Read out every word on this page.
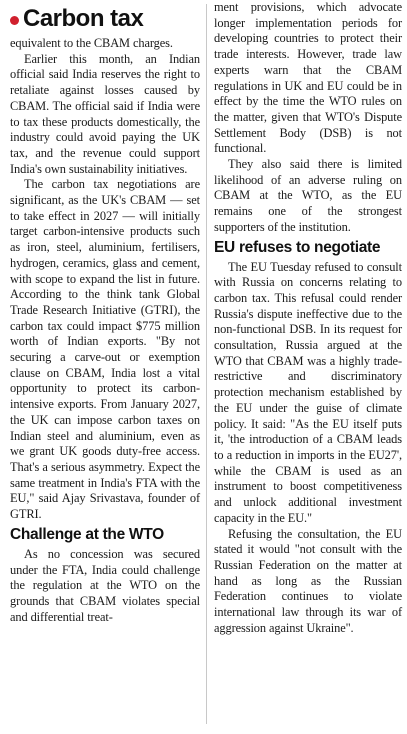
Carbon tax

equivalent to the CBAM charges.

Earlier this month, an Indian official said India reserves the right to retaliate against losses caused by CBAM. The official said if India were to tax these products domestically, the industry could avoid paying the UK tax, and the revenue could support India's own sustainability initiatives.

The carbon tax negotiations are significant, as the UK's CBAM — set to take effect in 2027 — will initially target carbon-intensive products such as iron, steel, aluminium, fertilisers, hydrogen, ceramics, glass and cement, with scope to expand the list in future. According to the think tank Global Trade Research Initiative (GTRI), the carbon tax could impact $775 million worth of Indian exports. "By not securing a carve-out or exemption clause on CBAM, India lost a vital opportunity to protect its carbon-intensive exports. From January 2027, the UK can impose carbon taxes on Indian steel and aluminium, even as we grant UK goods duty-free access. That's a serious asymmetry. Expect the same treatment in India's FTA with the EU," said Ajay Srivastava, founder of GTRI.

Challenge at the WTO

As no concession was secured under the FTA, India could challenge the regulation at the WTO on the grounds that CBAM violates special and differential treat-

ment provisions, which advocate longer implementation periods for developing countries to protect their trade interests. However, trade law experts warn that the CBAM regulations in UK and EU could be in effect by the time the WTO rules on the matter, given that WTO's Dispute Settlement Body (DSB) is not functional.

They also said there is limited likelihood of an adverse ruling on CBAM at the WTO, as the EU remains one of the strongest supporters of the institution.

EU refuses to negotiate

The EU Tuesday refused to consult with Russia on concerns relating to carbon tax. This refusal could render Russia's dispute ineffective due to the non-functional DSB. In its request for consultation, Russia argued at the WTO that CBAM was a highly trade-restrictive and discriminatory protection mechanism established by the EU under the guise of climate policy. It said: "As the EU itself puts it, 'the introduction of a CBAM leads to a reduction in imports in the EU27', while the CBAM is used as an instrument to boost competitiveness and unlock additional investment capacity in the EU."

Refusing the consultation, the EU stated it would "not consult with the Russian Federation on the matter at hand as long as the Russian Federation continues to violate international law through its war of aggression against Ukraine".
